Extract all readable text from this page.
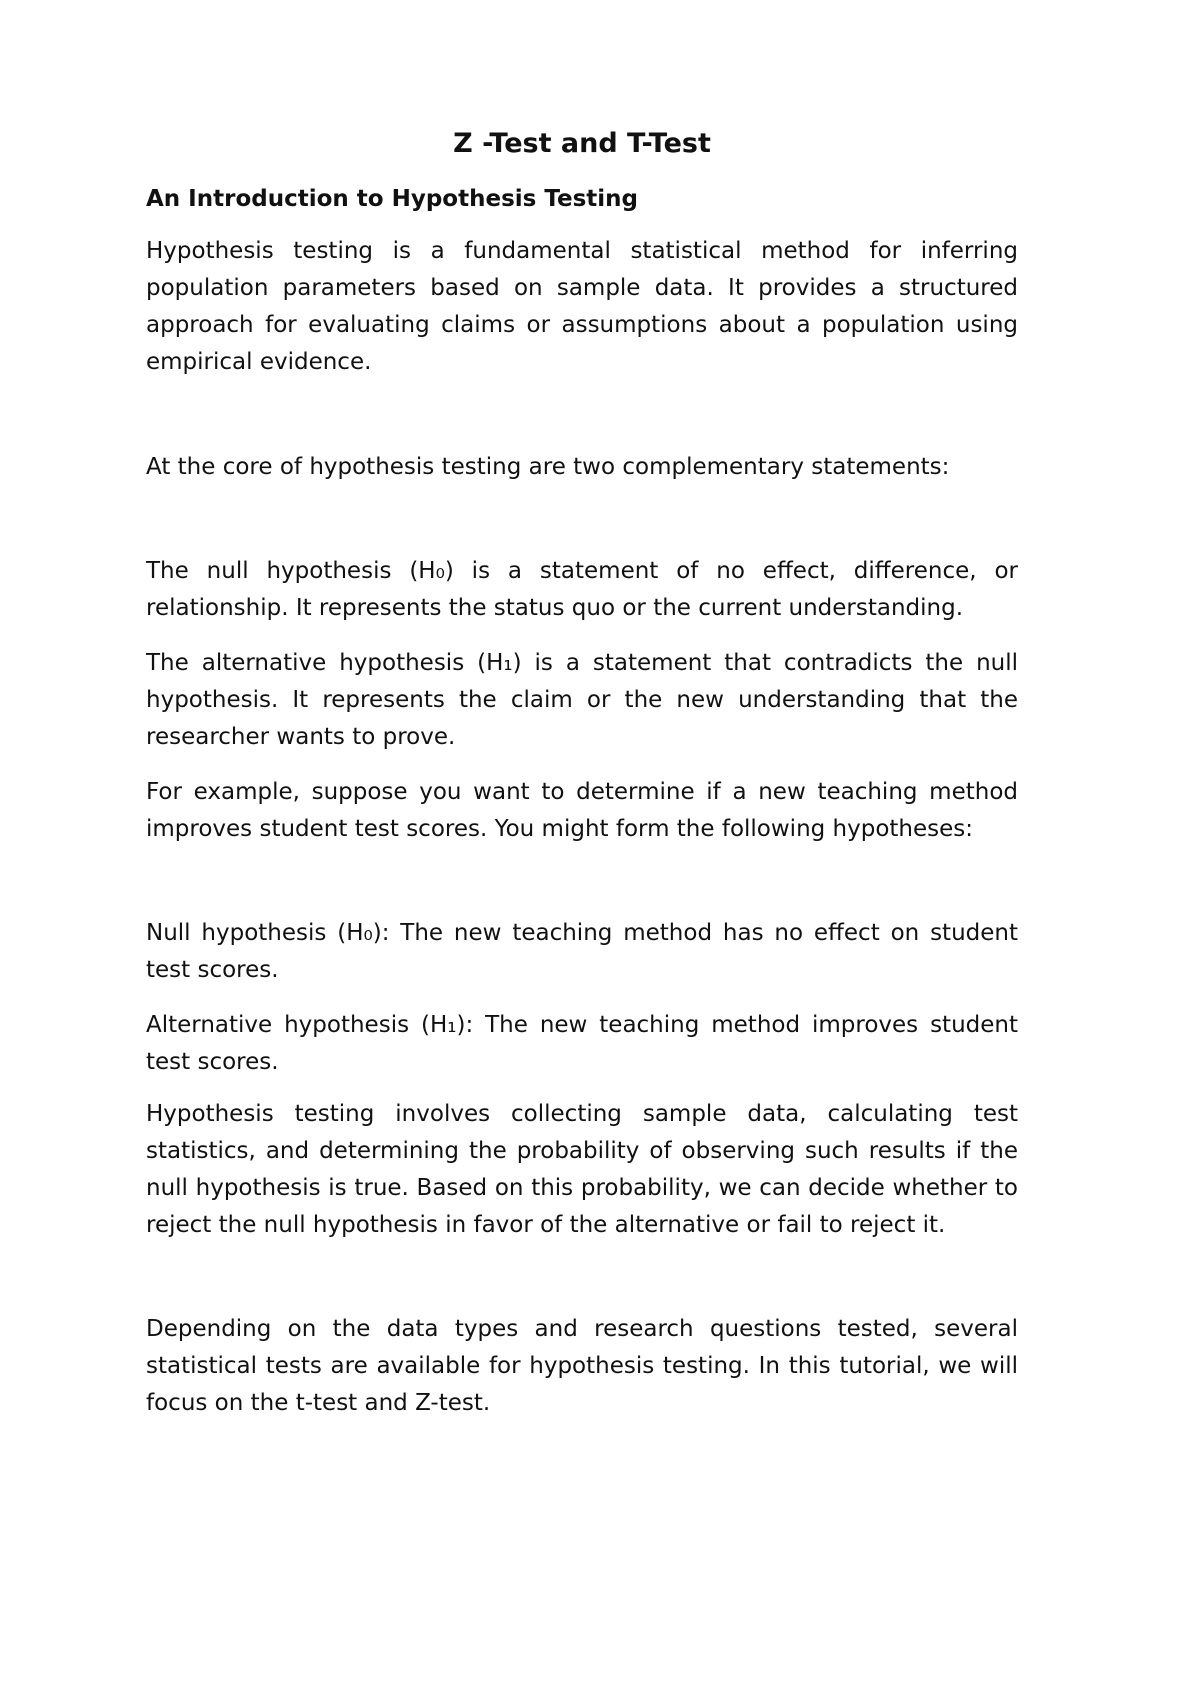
Z -Test and T-Test
An Introduction to Hypothesis Testing

Hypothesis testing is a fundamental statistical method for inferring population parameters based on sample data. It provides a structured approach for evaluating claims or assumptions about a population using empirical evidence.

At the core of hypothesis testing are two complementary statements:

The null hypothesis (H₀) is a statement of no effect, difference, or relationship. It represents the status quo or the current understanding.

The alternative hypothesis (H₁) is a statement that contradicts the null hypothesis. It represents the claim or the new understanding that the researcher wants to prove.

For example, suppose you want to determine if a new teaching method improves student test scores. You might form the following hypotheses:

Null hypothesis (H₀): The new teaching method has no effect on student test scores.

Alternative hypothesis (H₁): The new teaching method improves student test scores.

Hypothesis testing involves collecting sample data, calculating test statistics, and determining the probability of observing such results if the null hypothesis is true. Based on this probability, we can decide whether to reject the null hypothesis in favor of the alternative or fail to reject it.

Depending on the data types and research questions tested, several statistical tests are available for hypothesis testing. In this tutorial, we will focus on the t-test and Z-test.
